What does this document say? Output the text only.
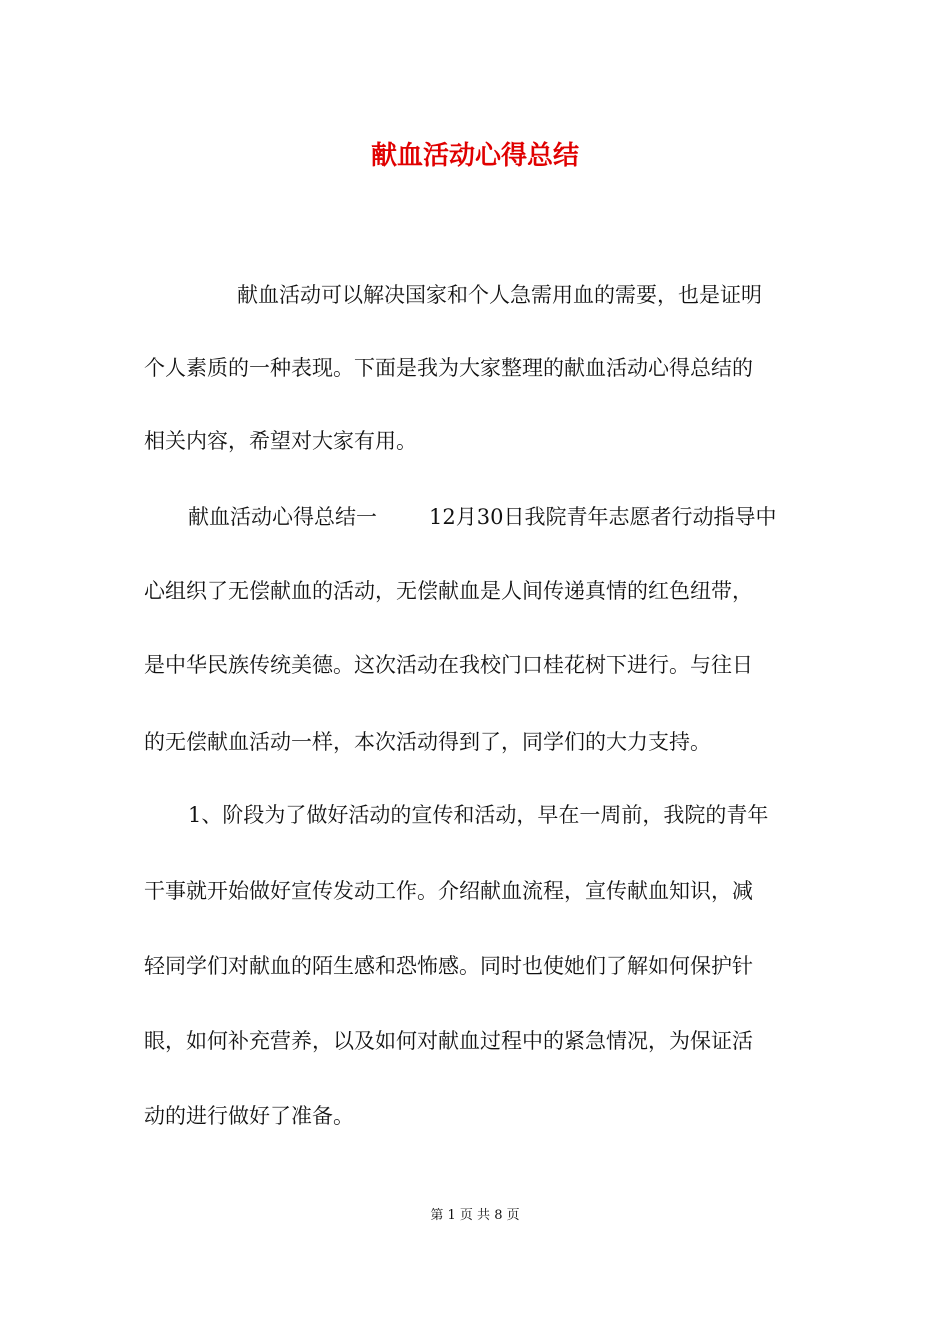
献血活动心得总结

献血活动可以解决国家和个人急需用血的需要，也是证明

个人素质的一种表现。下面是我为大家整理的献血活动心得总结的

相关内容，希望对大家有用。

献血活动心得总结一 12月30日我院青年志愿者行动指导中

心组织了无偿献血的活动，无偿献血是人间传递真情的红色纽带，

是中华民族传统美德。这次活动在我校门口桂花树下进行。与往日

的无偿献血活动一样，本次活动得到了，同学们的大力支持。

1、阶段为了做好活动的宣传和活动，早在一周前，我院的青年

干事就开始做好宣传发动工作。介绍献血流程，宣传献血知识，减

轻同学们对献血的陌生感和恐怖感。同时也使她们了解如何保护针

眼，如何补充营养，以及如何对献血过程中的紧急情况，为保证活

动的进行做好了准备。

第 1 页 共 8 页
